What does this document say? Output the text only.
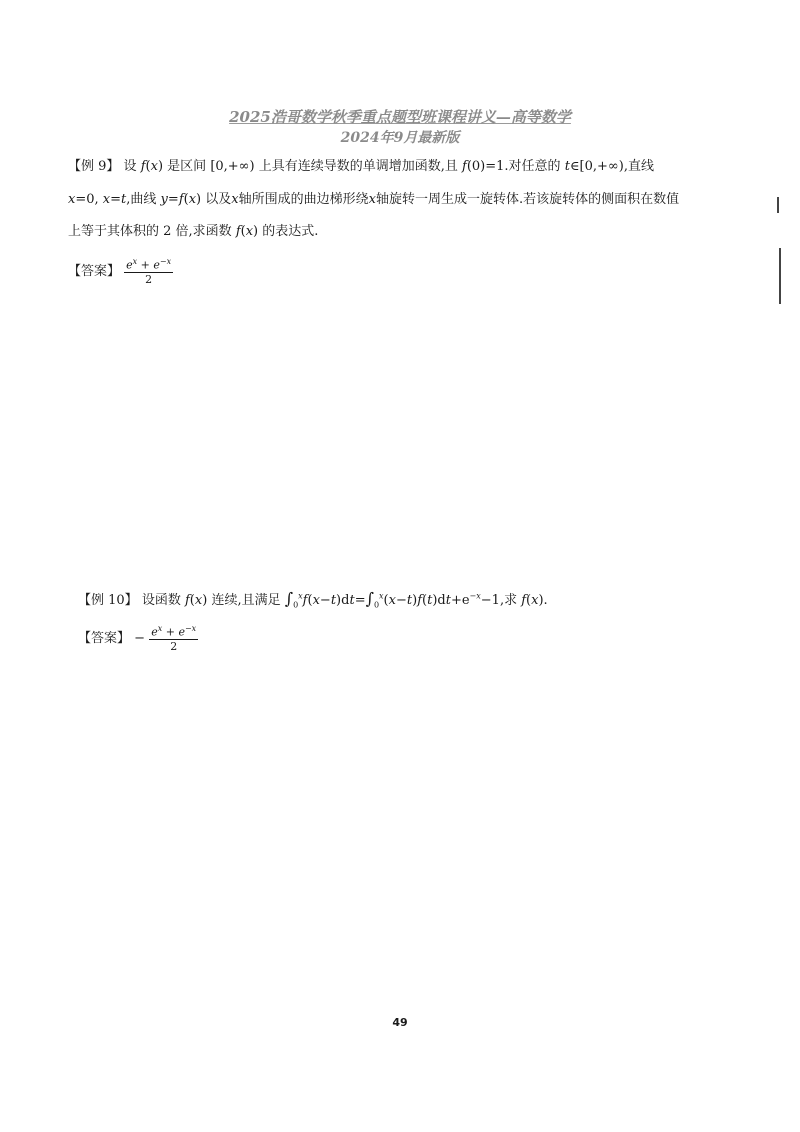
2025浩哥数学秋季重点题型班课程讲义—高等数学
2024年9月最新版
【例 9】 设 f(x) 是区间 [0,+∞) 上具有连续导数的单调增加函数,且 f(0)=1.对任意的 t∈[0,+∞),直线
x=0, x=t,曲线 y=f(x) 以及x轴所围成的曲边梯形绕x轴旋转一周生成一旋转体.若该旋转体的侧面积在数值
上等于其体积的 2 倍,求函数 f(x) 的表达式.
【答案】 $\frac{e^x + e^{-x}}{2}$
【例 10】 设函数 f(x) 连续,且满足 $\int_0^xf(x-t)dt=\int_0^x(x-t)f(t)dt+e^{-x}-1$,求 f(x).
【答案】 − $\frac{e^x + e^{-x}}{2}$
49
